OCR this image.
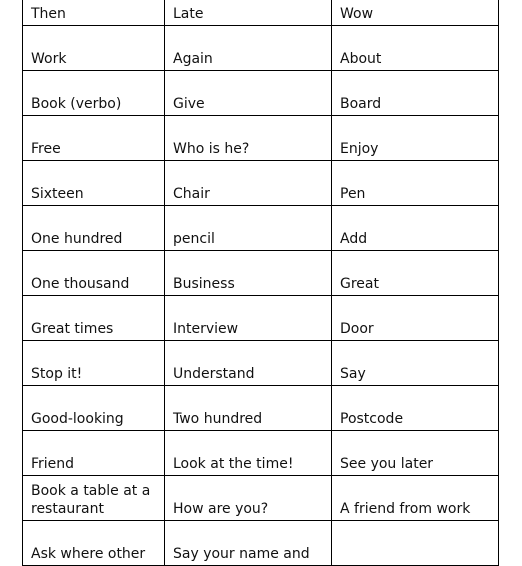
Then	Late	Wow
Work	Again	About
Book (verbo)	Give	Board
Free	Who is he?	Enjoy
Sixteen	Chair	Pen
One hundred	pencil	Add
One thousand	Business	Great
Great times	Interview	Door
Stop it!	Understand	Say
Good-looking	Two hundred	Postcode
Friend	Look at the time!	See you later
Book a table at a restaurant	How are you?	A friend from work
Ask where other	Say your name and	
